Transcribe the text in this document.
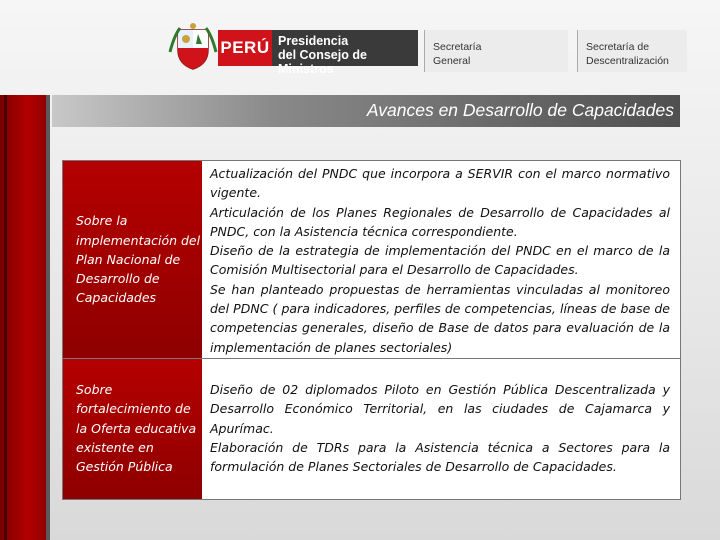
PERÚ Presidencia
del Consejo de Ministros
Secretaría
General
Secretaría de
Descentralización
Avances en Desarrollo de Capacidades
Sobre la implementación del Plan Nacional de Desarrollo de Capacidades

Actualización del PNDC que incorpora a SERVIR con el marco normativo vigente.

Articulación de los Planes Regionales de Desarrollo de Capacidades al PNDC, con la Asistencia técnica correspondiente.

Diseño de la estrategia de implementación del PNDC en el marco de la Comisión Multisectorial para el Desarrollo de Capacidades.

Se han planteado propuestas de herramientas vinculadas al monitoreo del PDNC ( para indicadores, perfiles de competencias, líneas de base de competencias generales, diseño de Base de datos para evaluación de la implementación de planes sectoriales)

Sobre fortalecimiento de la Oferta educativa existente en Gestión Pública

Diseño de 02 diplomados Piloto en Gestión Pública Descentralizada y Desarrollo Económico Territorial, en las ciudades de Cajamarca y Apurímac.

Elaboración de TDRs para la Asistencia técnica a Sectores para la formulación de Planes Sectoriales de Desarrollo de Capacidades.
